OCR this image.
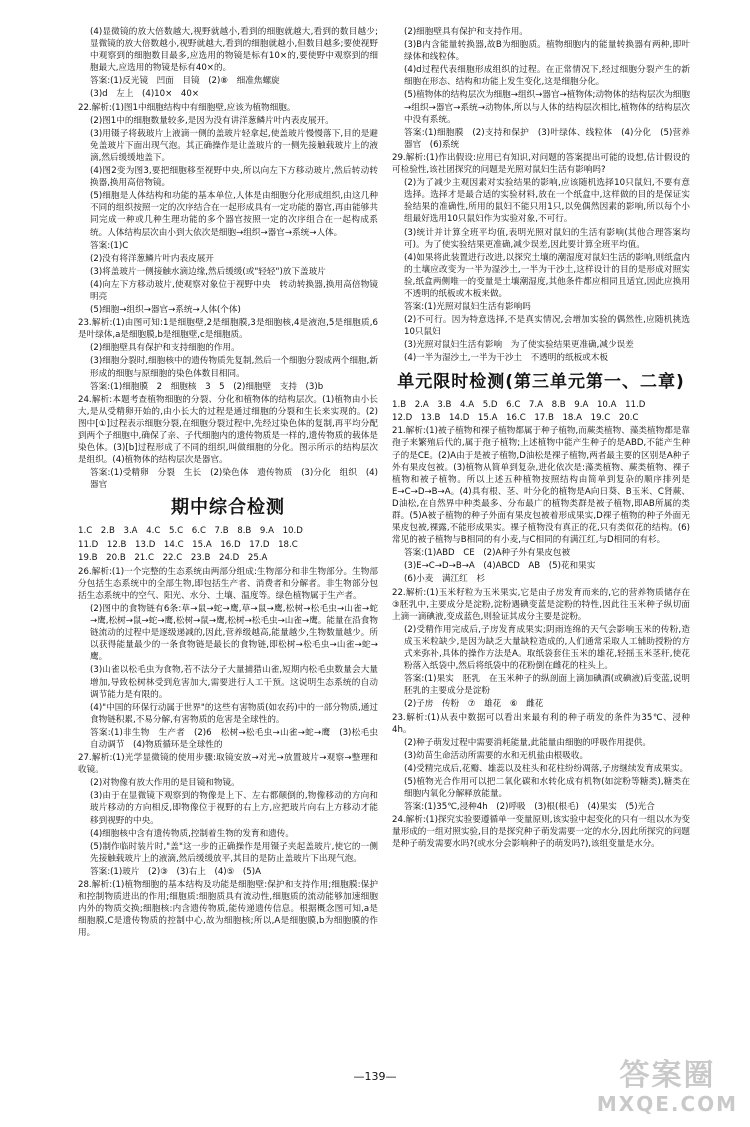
(4)显微镜的放大倍数越大,视野就越小,看到的细胞就越大,看到的数目越少;显微镜的放大倍数越小,视野就越大,看到的细胞就越小,但数目越多;要使视野中观察到的细胞数目最多,应选用的物镜是标有10×的,要使野中观察到的细胞最大,应选用的物镜是标有40×的。

答案:(1)反光镜　凹面　目镜　(2)⑧　细准焦螺旋

(3)d　左上　(4)10×　40×

22.解析:(1)图1中细胞结构中有细胞壁,应该为植物细胞。

(2)图1中的细胞数量较多,是因为没有讲洋葱鳞片叶内表皮展开。

(3)用镊子将载玻片上液滴一侧的盖玻片轻拿起,使盖玻片慢慢落下,目的是避免盖玻片下面出现气泡。其正确操作是让盖玻片的一侧先接触载玻片上的液滴,然后缓缓地盖下。

(4)图2变为图3,要把细胞移至视野中央,所以向左下方移动玻片,然后转动转换器,换用高倍物镜。

(5)细胞是人体结构和功能的基本单位,人体是由细胞分化形成组织,由这几种不同的组织按照一定的次序结合在一起形成具有一定功能的器官,再由能够共同完成一种或几种生理功能的多个器官按照一定的次序组合在一起构成系统。人体结构层次由小到大依次是细胞→组织→器官→系统→人体。

答案:(1)C

(2)没有将洋葱鳞片叶内表皮展开

(3)将盖玻片一侧接触水滴边缘,然后缓缓(或"轻轻")放下盖玻片

(4)向左下方移动玻片,使观察对象位于视野中央　转动转换器,换用高倍物镜　明亮

(5)细胞→组织→器官→系统→人体(个体)

23.解析:(1)由图可知:1是细胞壁,2是细胞膜,3是细胞核,4是液泡,5是细胞质,6是叶绿体,a是细胞膜,b是细胞壁,c是细胞质。

(2)细胞壁具有保护和支持细胞的作用。

(3)细胞分裂时,细胞核中的遗传物质先复制,然后一个细胞分裂成两个细胞,新形成的细胞与原细胞的染色体数目相同。

答案:(1)细胞膜　2　细胞核　3　5　(2)细胞壁　支持　(3)b

24.解析:本题考查植物细胞的分裂、分化和植物体的结构层次。(1)植物由小长大,是从受精卵开始的,由小长大的过程是通过细胞的分裂和生长来实现的。(2)图中[①]过程表示细胞分裂,在细胞分裂过程中,先经过染色体的复制,再平均分配到两个子细胞中,确保了亲、子代细胞内的遗传物质是一样的,遗传物质的载体是染色体。(3)[b]过程形成了不同的组织,叫做细胞的分化。图示所示的结构层次是组织。(4)植物体的结构层次是器官。

答案:(1)受精卵　分裂　生长　(2)染色体　遗传物质　(3)分化　组织　(4)器官

期中综合检测

1.C　2.B　3.A　4.C　5.C　6.C　7.B　8.B　9.A　10.D

11.D　12.B　13.D　14.C　15.A　16.D　17.D　18.C

19.B　20.B　21.C　22.C　23.B　24.D　25.A

26.解析:(1)一个完整的生态系统由两部分组成:生物部分和非生物部分。生物部分包括生态系统中的全部生物,即包括生产者、消费者和分解者。非生物部分包括生态系统中的空气、阳光、水分、土壤、温度等。绿色植物属于生产者。

(2)图中的食物链有6条:草→鼠→蛇→鹰,草→鼠→鹰,松树→松毛虫→山雀→蛇→鹰,松树→鼠→蛇→鹰,松树→鼠→鹰,松树→松毛虫→山雀→鹰。能量在沿食物链流动的过程中是逐级递减的,因此,营养级越高,能量越少,生物数量越少。所以获得能量最少的一条食物链是最长的食物链,即松树→松毛虫→山雀→蛇→鹰。

(3)山雀以松毛虫为食物,若不法分子大量捕猎山雀,短期内松毛虫数量会大量增加,导致松树林受到危害加大,需要进行人工干预。这说明生态系统的自动调节能力是有限的。

(4)"中国的环保行动属于世界"的这些有害物质(如农药)中的一部分物质,通过食物链积累,不易分解,有害物质的危害是全球性的。

答案:(1)非生物　生产者　(2)6　松树→松毛虫→山雀→蛇→鹰　(3)松毛虫　自动调节　(4)物质循环是全球性的

27.解析:(1)光学显微镜的使用步骤:取镜安放→对光→放置玻片→观察→整理和收镜。

(2)对物像有放大作用的是目镜和物镜。

(3)由于在显微镜下观察到的物像是上下、左右都颠倒的,物像移动的方向和玻片移动的方向相反,即物像位于视野的右上方,应把玻片向右上方移动才能移到视野的中央。

(4)细胞核中含有遗传物质,控制着生物的发育和遗传。

(5)制作临时装片时,"盖"这一步的正确操作是用镊子夹起盖玻片,使它的一侧先接触载玻片上的液滴,然后缓缓放平,其目的是防止盖玻片下出现气泡。

答案:(1)玻片　(2)③　(3)右上　(4)⑤　(5)A

28.解析:(1)植物细胞的基本结构及功能是细胞壁:保护和支持作用;细胞膜:保护和控制物质进出的作用;细胞质:细胞质具有流动性,细胞质的流动能够加速细胞内外的物质交换;细胞核:内含遗传物质,能传递遗传信息。根据概念图可知,a是细胞膜,C是遗传物质的控制中心,故为细胞核;所以,A是细胞膜,b为细胞膜的作用。

(2)细胞壁具有保护和支持作用。

(3)B内含能量转换器,故B为细胞质。植物细胞内的能量转换器有两种,即叶绿体和线粒体。

(4)d过程代表细胞形成组织的过程。在正常情况下,经过细胞分裂产生的新细胞在形态、结构和功能上发生变化,这是细胞分化。

(5)植物体的结构层次为细胞→组织→器官→植物体;动物体的结构层次为细胞→组织→器官→系统→动物体,所以与人体的结构层次相比,植物体的结构层次中没有系统。

答案:(1)细胞膜　(2)支持和保护　(3)叶绿体、线粒体　(4)分化　(5)营养器官　(6)系统

29.解析:(1)作出假设:应用已有知识,对问题的答案提出可能的设想,估计假设的可检验性,该社团探究的问题是光照对鼠妇生活有影响吗?

(2)为了减少主观因素对实验结果的影响,应该随机选择10只鼠妇,不要有意选择。选择才是最合适的实验材料,放在一个纸盒中,这样做的目的是保证实验结果的准确性,所用的鼠妇不能只用1只,以免偶然因素的影响,所以每个小组最好选用10只鼠妇作为实验对象,不可行。

(3)统计并计算全班平均值,表明光照对鼠妇的生活有影响(其他合理答案均可)。为了使实验结果更准确,减少误差,因此要计算全班平均值。

(4)如果将此装置进行改进,以探究土壤的潮湿度对鼠妇生活的影响,则纸盒内的土壤应改变为一半为湿沙土,一半为干沙土,这样设计的目的是形成对照实验,纸盒两侧唯一的变量是土壤潮湿度,其他条件都应相同且适宜,因此应换用不透明的纸板或木板来做。

答案:(1)光照对鼠妇生活有影响吗

(2)不可行。因为特意选择,不是真实情况,会增加实验的偶然性,应随机挑选10只鼠妇

(3)光照对鼠妇生活有影响　为了使实验结果更准确,减少误差

(4)一半为湿沙土,一半为干沙土　不透明的纸板或木板

单元限时检测(第三单元第一、二章)

1.B　2.A　3.B　4.A　5.D　6.C　7.A　8.B　9.A　10.A　11.D

12.D　13.B　14.D　15.A　16.C　17.B　18.A　19.C　20.C

21.解析:(1)被子植物和裸子植物都属于种子植物,而蕨类植物、藻类植物都是靠孢子来繁殖后代的,属于孢子植物;上述植物中能产生种子的是ABD,不能产生种子的是CE。(2)A由于是被子植物,D油松是裸子植物,两者最主要的区别是A种子外有果皮包被。(3)植物从简单到复杂,进化依次是:藻类植物、蕨类植物、裸子植物和被子植物。所以上述五种植物按照结构由简单到复杂的顺序排列是E→C→D→B→A。(4)具有根、茎、叶分化的植物是A向日葵、B玉米、C肾蕨、D油松,在自然界中种类最多、分布最广的植物类群是被子植物,即AB所属的类群。(5)A被子植物的种子外面有果皮包被着形成果实,D裸子植物的种子外面无果皮包被,裸露,不能形成果实。裸子植物没有真正的花,只有类似花的结构。(6)常见的被子植物与B相同的有小麦,与C相同的有满江红,与D相同的有杉。

答案:(1)ABD　CE　(2)A种子外有果皮包被

(3)E→C→D→B→A　(4)ABCD　AB　(5)花和果实

(6)小麦　满江红　杉

22.解析:(1)玉米籽粒为玉米果实,它是由子房发育而来的,它的营养物质储存在③胚乳中,主要成分是淀粉,淀粉遇碘变蓝是淀粉的特性,因此往玉米种子纵切面上滴一滴碘液,变成蓝色,则验证其成分主要是淀粉。

(2)受精作用完成后,子房发育成果实;阴雨连绵的天气会影响玉米的传粉,造成玉米粒缺少,是因为缺乏大量缺粒造成的,人们通常采取人工辅助授粉的方式来弥补,具体的操作方法是A。取纸袋套住玉米的雄花,轻摇玉米茎秆,使花粉落入纸袋中,然后将纸袋中的花粉倒在雌花的柱头上。

答案:(1)果实　胚乳　在玉米种子的纵剖面上滴加碘酒(或碘液)后变蓝,说明胚乳的主要成分是淀粉

(2)子房　传粉　⑦　雄花　⑥　雌花

23.解析:(1)从表中数据可以看出来最有利的种子萌发的条件为35℃、浸种4h。

(2)种子萌发过程中需要消耗能量,此能量由细胞的呼吸作用提供。

(3)幼苗生命活动所需要的水和无机盐由根吸收。

(4)受精完成后,花瓣、雄蕊以及柱头和花柱纷纷凋落,子房继续发育成果实。

(5)植物光合作用可以把二氧化碳和水转化成有机物(如淀粉等糖类),糖类在细胞内氧化分解释放能量。

答案:(1)35℃,浸种4h　(2)呼吸　(3)根(根毛)　(4)果实　(5)光合

24.解析:(1)探究实验要遵循单一变量原则,该实验中起变化的只有一组以水为变量形成的一组对照实验,目的是探究种子萌发需要一定的水分,因此所探究的问题是种子萌发需要水吗?(或水分会影响种子的萌发吗?),该组变量是水分。

—139—	答案圈
MXQE.COM
